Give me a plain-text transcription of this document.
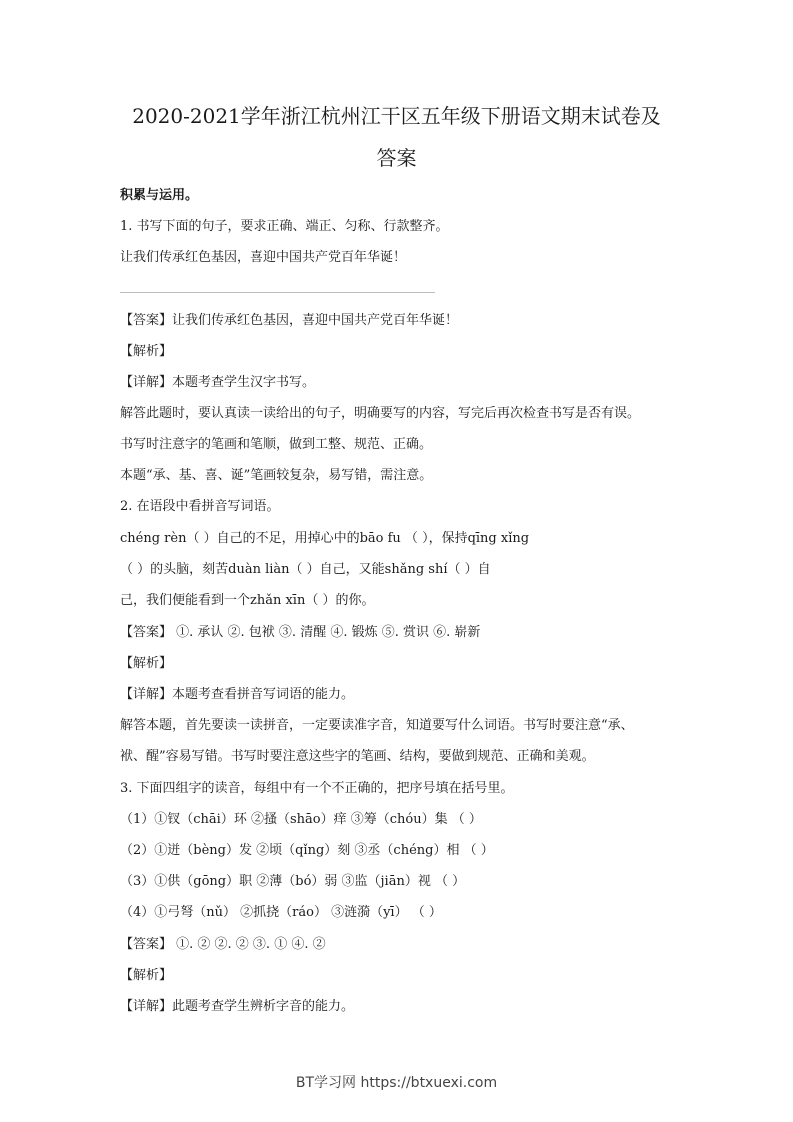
2020-2021学年浙江杭州江干区五年级下册语文期末试卷及
答案
积累与运用。
1. 书写下面的句子，要求正确、端正、匀称、行款整齐。
让我们传承红色基因，喜迎中国共产党百年华诞！
【答案】让我们传承红色基因，喜迎中国共产党百年华诞！
【解析】
【详解】本题考查学生汉字书写。
解答此题时，要认真读一读给出的句子，明确要写的内容，写完后再次检查书写是否有误。
书写时注意字的笔画和笔顺，做到工整、规范、正确。
本题“承、基、喜、诞”笔画较复杂，易写错，需注意。
2. 在语段中看拼音写词语。
chéng rèn（ ）自己的不足，用掉心中的bāo fu （ ），保持qīng xǐng
（ ）的头脑，刻苦duàn liàn（ ）自己，又能shǎng shí（ ）自
己，我们便能看到一个zhǎn xīn（ ）的你。
【答案】 ①. 承认 ②. 包袱 ③. 清醒 ④. 锻炼 ⑤. 赏识 ⑥. 崭新
【解析】
【详解】本题考查看拼音写词语的能力。
解答本题，首先要读一读拼音，一定要读准字音，知道要写什么词语。书写时要注意“承、
袱、醒”容易写错。书写时要注意这些字的笔画、结构，要做到规范、正确和美观。
3. 下面四组字的读音，每组中有一个不正确的，把序号填在括号里。
（1）①钗（chāi）环 ②搔（shāo）痒 ③筹（chóu）集 （ ）
（2）①迸（bèng）发 ②顷（qǐng）刻 ③丞（chéng）相 （ ）
（3）①供（gōng）职 ②薄（bó）弱 ③监（jiān）视 （ ）
（4）①弓弩（nǔ） ②抓挠（ráo） ③涟漪（yī） （ ）
【答案】 ①. ② ②. ② ③. ① ④. ②
【解析】
【详解】此题考查学生辨析字音的能力。
BT学习网 https://btxuexi.com
